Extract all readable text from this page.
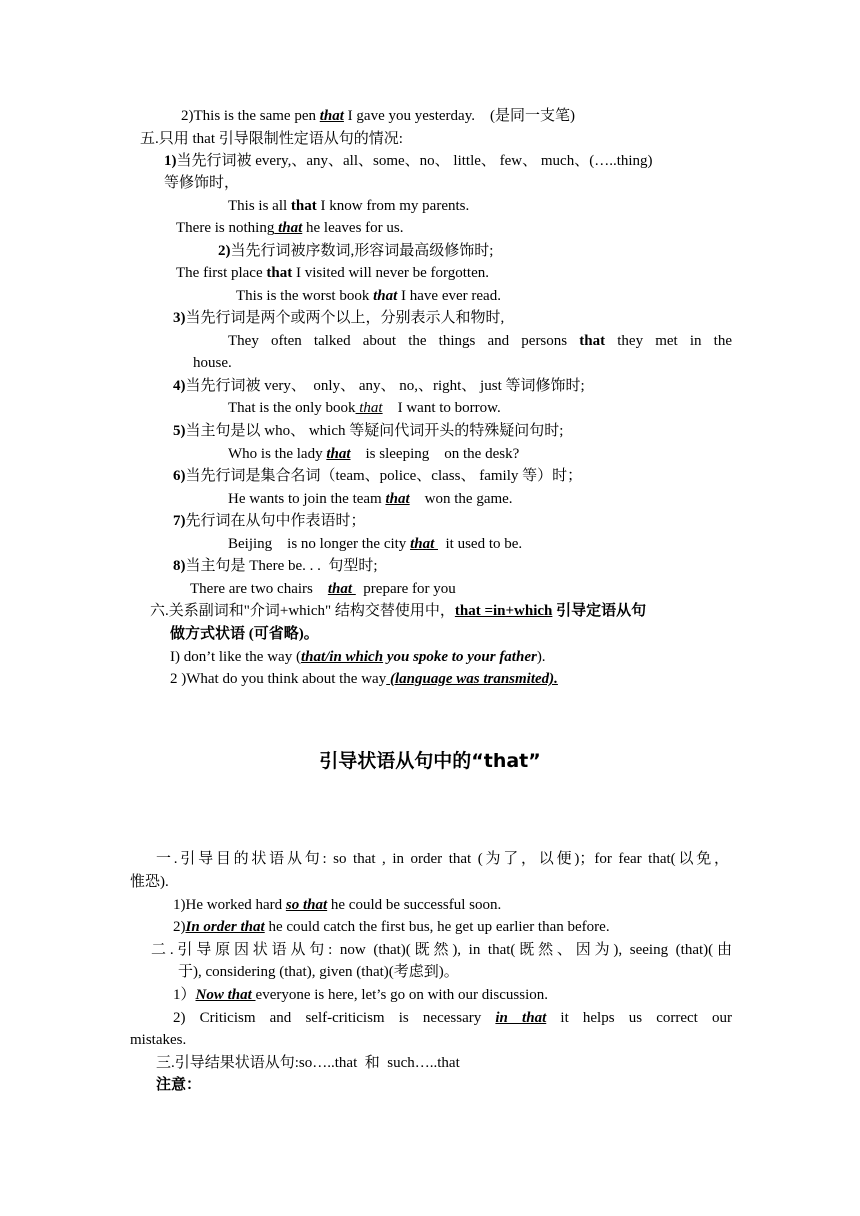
2)This is the same pen that I gave you yesterday.    (是同一支笔)
五.只用 that 引导限制性定语从句的情况:
1)当先行词被 every,、any、all、some、no、 little、 few、 much、(…..thing)
等修饰时，
This is all that I know from my parents.
There is nothing that he leaves for us.
2)当先行词被序数词,形容词最高级修饰时;
The first place that I visited will never be forgotten.
This is the worst book that I have ever read.
3)当先行词是两个或两个以上，分别表示人和物时,
They often talked about the things and persons that they met in the
house.
4)当先行词被 very、  only、 any、 no,、right、 just 等词修饰时;
That is the only book that    I want to borrow.
5)当主句是以 who、 which 等疑问代词开头的特殊疑问句时;
Who is the lady that    is sleeping    on the desk?
6)当先行词是集合名词（team、police、class、 family 等）时；
He wants to join the team that    won the game.
7)先行词在从句中作表语时；
Beijing    is no longer the city that   it used to be.
8)当主句是 There be. . .  句型时;
There are two chairs    that   prepare for you
六.关系副词和"介词+which" 结构交替使用中，that =in+which 引导定语从句
做方式状语 (可省略)。
I) don’t like the way (that/in which you spoke to your father).
2 )What do you think about the way (language was transmited).
引导状语从句中的“that”
一.引导目的状语从句: so that , in order that (为了，以便)；for fear that(以免，
惟恐).
1)He worked hard so that he could be successful soon.
2)In order that he could catch the first bus, he get up earlier than before.
二.引导原因状语从句: now (that)(既然), in that(既然、因为), seeing (that)(由
于), considering (that), given (that)(考虑到)。
1）Now that everyone is here, let’s go on with our discussion.
2) Criticism and self-criticism is necessary in that it helps us correct our
mistakes.
三.引导结果状语从句:so…..that  和  such…..that
注意：
